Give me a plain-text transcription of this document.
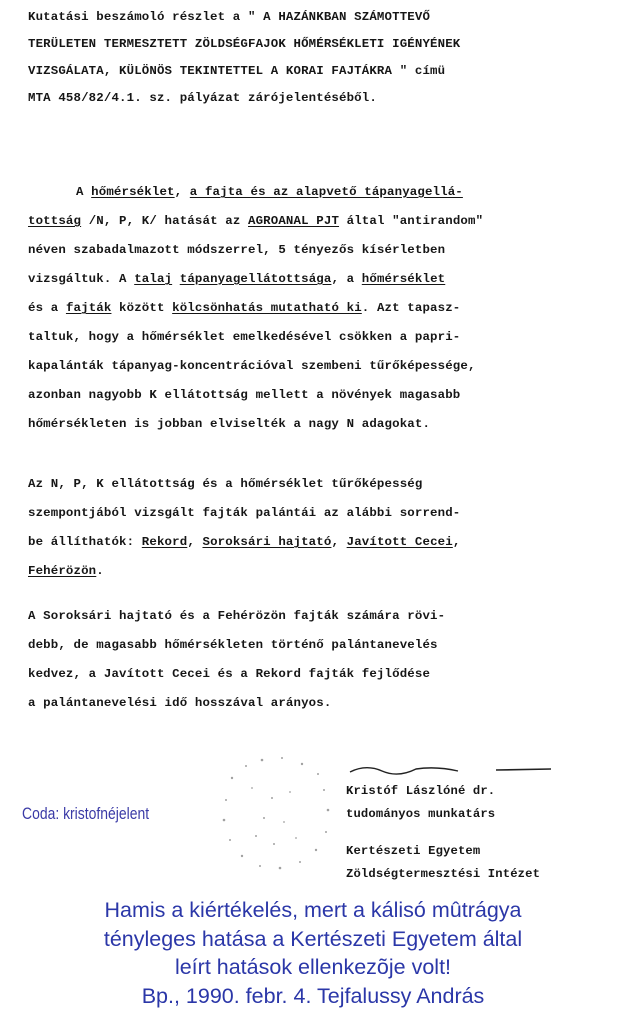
Kutatási beszámoló részlet a " A HAZÁNKBAN SZÁMOTTEVŐ
TERÜLETEN TERMESZTETT ZÖLDSÉGFAJOK HŐMÉRSÉKLETI IGÉNYÉNEK
VIZSGÁLATA, KÜLÖNÖS TEKINTETTEL A KORAI FAJTÁKRA " címü
MTA 458/82/4.1. sz. pályázat zárójelentéséből.
A hőmérséklet, a fajta és az alapvető tápanyagellá-
tottság /N, P, K/ hatását az AGROANAL PJT által "antirandom"
néven szabadalmazott módszerrel, 5 tényezős kísérletben
vizsgáltuk. A talaj tápanyagellátottsága, a hőmérséklet
és a fajták között kölcsönhatás mutatható ki. Azt tapasz-
taltuk, hogy a hőmérséklet emelkedésével csökken a papri-
kapalánták tápanyag-koncentrációval szembeni tűrőképessége,
azonban nagyobb K ellátottság mellett a növények magasabb
hőmérsékleten is jobban elviselték a nagy N adagokat.
Az N, P, K ellátottság és a hőmérséklet tűrőképesség
szempontjából vizsgált fajták palántái az alábbi sorrend-
be állíthatók: Rekord, Soroksári hajtató, Javított Cecei,
Fehérözön.
A Soroksári hajtató és a Fehérözön fajták számára rövi-
debb, de magasabb hőmérsékleten történő palántanevelés
kedvez, a Javított Cecei és a Rekord fajták fejlődése
a palántanevelési idő hosszával arányos.
Kristóf Lászlóné dr.
tudományos munkatárs
Kertészeti Egyetem
Zöldségtermesztési Intézet
Coda: kristofnéjelent
Hamis a kiértékelés, mert a kálisó mûtrágya
tényleges hatása a Kertészeti Egyetem által
leírt hatások ellenkezõje volt!
Bp., 1990. febr. 4. Tejfalussy András
